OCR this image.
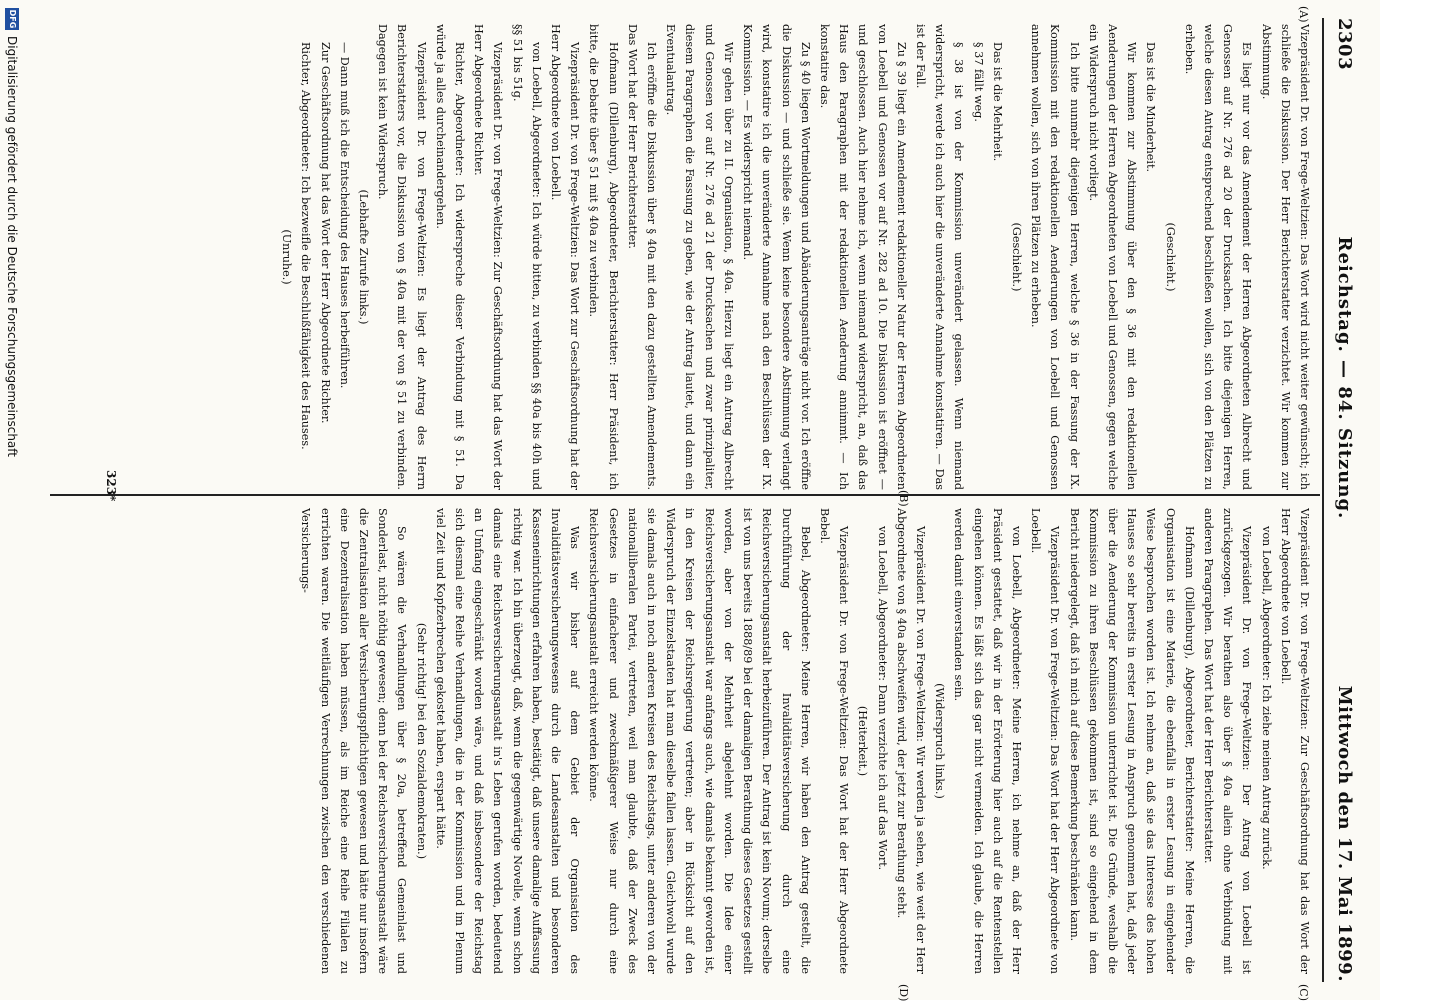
2303
Reichstag. — 84. Sitzung.
Mittwoch den 17. Mai 1899.
(A)
(B)
(C)
(D)

Vizepräsident Dr. von Frege-Weltzien: Das Wort wird nicht weiter gewünscht; ich schließe die Diskussion. Der Herr Berichterstatter verzichtet. Wir kommen zur Abstimmung.

Es liegt nur vor das Amendement der Herren Abgeordneten Albrecht und Genossen auf Nr. 276 ad 20 der Drucksachen. Ich bitte diejenigen Herren, welche diesen Antrag entsprechend beschließen wollen, sich von den Plätzen zu erheben.

(Geschieht.)

Das ist die Minderheit.

Wir kommen zur Abstimmung über den § 36 mit den redaktionellen Aenderungen der Herren Abgeordneten von Loebell und Genossen, gegen welche ein Widerspruch nicht vorliegt.

Ich bitte nunmehr diejenigen Herren, welche § 36 in der Fassung der IX. Kommission mit den redaktionellen Aenderungen von Loebell und Genossen annehmen wollen, sich von ihren Plätzen zu erheben.

(Geschieht.)

Das ist die Mehrheit.

§ 37 fällt weg.

§ 38 ist von der Kommission unverändert gelassen. Wenn niemand widerspricht, werde ich auch hier die unveränderte Annahme konstatiren. — Das ist der Fall.

Zu § 39 liegt ein Amendement redaktioneller Natur der Herren Abgeordneten von Loebell und Genossen vor auf Nr. 282 ad 10. Die Diskussion ist eröffnet — und geschlossen. Auch hier nehme ich, wenn niemand widerspricht, an, daß das Haus den Paragraphen mit der redaktionellen Aenderung annimmt. — Ich konstatire das.

Zu § 40 liegen Wortmeldungen und Abänderungsanträge nicht vor. Ich eröffne die Diskussion — und schließe sie. Wenn keine besondere Abstimmung verlangt wird, konstatire ich die unveränderte Annahme nach den Beschlüssen der IX. Kommission. — Es widerspricht niemand.

Wir gehen über zu II. Organisation, § 40a. Hierzu liegt ein Antrag Albrecht und Genossen vor auf Nr. 276 ad 21 der Drucksachen und zwar prinzipaliter, diesem Paragraphen die Fassung zu geben, wie der Antrag lautet, und dann ein Eventualantrag.

Ich eröffne die Diskussion über § 40a mit den dazu gestellten Amendements. Das Wort hat der Herr Berichterstatter.

Hofmann (Dillenburg), Abgeordneter, Berichterstatter: Herr Präsident, ich bitte, die Debatte über § 51 mit § 40a zu verbinden.

Vizepräsident Dr. von Frege-Weltzien: Das Wort zur Geschäftsordnung hat der Herr Abgeordnete von Loebell.

von Loebell, Abgeordneter: Ich würde bitten, zu verbinden §§ 40a bis 40h und §§ 51 bis 51g.

Vizepräsident Dr. von Frege-Weltzien: Zur Geschäftsordnung hat das Wort der Herr Abgeordnete Richter.

Richter, Abgeordneter: Ich widerspreche dieser Verbindung mit § 51. Da würde ja alles durcheinandergehen.

Vizepräsident Dr. von Frege-Weltzien: Es liegt der Antrag des Herrn Berichterstatters vor, die Diskussion von § 40a mit der von § 51 zu verbinden. Dagegen ist kein Widerspruch.

(Lebhafte Zurufe links.)

— Dann muß ich die Entscheidung des Hauses herbeiführen.

Zur Geschäftsordnung hat das Wort der Herr Abgeordnete Richter.

Richter, Abgeordneter: Ich bezweifle die Beschlußfähigkeit des Hauses.

(Unruhe.)

Vizepräsident Dr. von Frege-Weltzien: Zur Geschäftsordnung hat das Wort der Herr Abgeordnete von Loebell.

von Loebell, Abgeordneter: Ich ziehe meinen Antrag zurück.

Vizepräsident Dr. von Frege-Weltzien: Der Antrag von Loebell ist zurückgezogen. Wir berathen also über § 40a allein ohne Verbindung mit anderen Paragraphen. Das Wort hat der Herr Berichterstatter.

Hofmann (Dillenburg), Abgeordneter, Berichterstatter: Meine Herren, die Organisation ist eine Materie, die ebenfalls in erster Lesung in eingehender Weise besprochen worden ist. Ich nehme an, daß sie das Interesse des hohen Hauses so sehr bereits in erster Lesung in Anspruch genommen hat, daß jeder über die Aenderung der Kommission unterrichtet ist. Die Gründe, weshalb die Kommission zu ihren Beschlüssen gekommen ist, sind so eingehend in dem Bericht niedergelegt, daß ich mich auf diese Bemerkung beschränken kann.

Vizepräsident Dr. von Frege-Weltzien: Das Wort hat der Herr Abgeordnete von Loebell.

von Loebell, Abgeordneter: Meine Herren, ich nehme an, daß der Herr Präsident gestattet, daß wir in der Erörterung hier auch auf die Rentenstellen eingehen können. Es läßt sich das gar nicht vermeiden. Ich glaube, die Herren werden damit einverstanden sein.

(Widerspruch links.)

Vizepräsident Dr. von Frege-Weltzien: Wir werden ja sehen, wie weit der Herr Abgeordnete von § 40a abschweifen wird, der jetzt zur Berathung steht.

von Loebell, Abgeordneter: Dann verzichte ich auf das Wort.

(Heiterkeit.)

Vizepräsident Dr. von Frege-Weltzien: Das Wort hat der Herr Abgeordnete Bebel.

Bebel, Abgeordneter: Meine Herren, wir haben den Antrag gestellt, die Durchführung der Invaliditätsversicherung durch eine Reichsversicherungsanstalt herbeizuführen. Der Antrag ist kein Novum; derselbe ist von uns bereits 1888/89 bei der damaligen Berathung dieses Gesetzes gestellt worden, aber von der Mehrheit abgelehnt worden. Die Idee einer Reichsversicherungsanstalt war anfangs auch, wie damals bekannt geworden ist, in den Kreisen der Reichsregierung vertreten; aber in Rücksicht auf den Widerspruch der Einzelstaaten hat man dieselbe fallen lassen. Gleichwohl wurde sie damals auch in noch anderen Kreisen des Reichstags, unter anderen von der nationalliberalen Partei, vertreten, weil man glaubte, daß der Zweck des Gesetzes in einfacherer und zweckmäßigerer Weise nur durch eine Reichsversicherungsanstalt erreicht werden könne.

Was wir bisher auf dem Gebiet der Organisation des Invaliditätsversicherungswesens durch die Landesanstalten und besonderen Kasseneinrichtungen erfahren haben, bestätigt, daß unsere damalige Auffassung richtig war. Ich bin überzeugt, daß, wenn die gegenwärtige Novelle, wenn schon damals eine Reichsversicherungsanstalt in's Leben gerufen worden, bedeutend an Umfang eingeschränkt worden wäre, und daß insbesondere der Reichstag sich diesmal eine Reihe Verhandlungen, die in der Kommission und im Plenum viel Zeit und Kopfzerbrechen gekostet haben, erspart hätte.

(Sehr richtig! bei den Sozialdemokraten.)

So wären die Verhandlungen über § 20a, betreffend Gemeinlast und Sonderlast, nicht nöthig gewesen; denn bei der Reichsversicherungsanstalt wäre die Zentralisation aller Versicherungspflichtigen gewesen und hätte nur insofern eine Dezentralisation haben müssen, als im Reiche eine Reihe Filialen zu errichten waren. Die weitläufigen Verrechnungen zwischen den verschiedenen Versicherungs-

323*
DFG
Digitalisierung gefördert durch die Deutsche Forschungsgemeinschaft
